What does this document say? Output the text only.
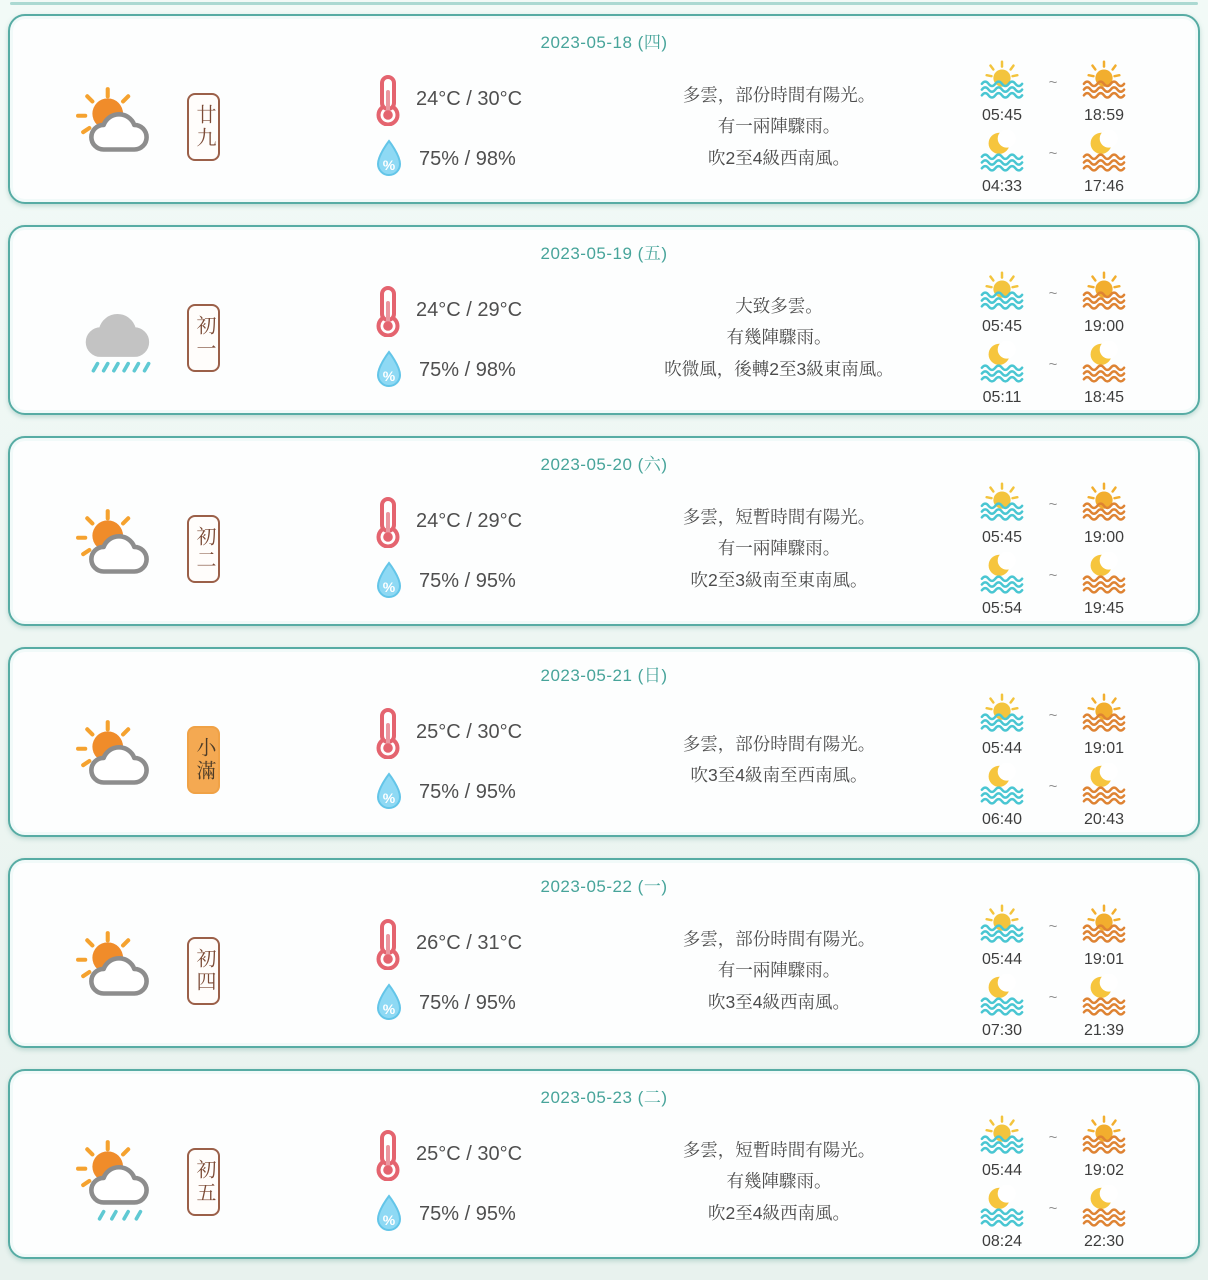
2023-05-18 (四)
廿九
24°C / 30°C
% 75% / 98%
多雲，部份時間有陽光。
有一兩陣驟雨。
吹2至4級西南風。
05:45
~
18:59
04:33
~
17:46
2023-05-19 (五)
初一
24°C / 29°C
% 75% / 98%
大致多雲。
有幾陣驟雨。
吹微風，後轉2至3級東南風。
05:45
~
19:00
05:11
~
18:45
2023-05-20 (六)
初二
24°C / 29°C
% 75% / 95%
多雲，短暫時間有陽光。
有一兩陣驟雨。
吹2至3級南至東南風。
05:45
~
19:00
05:54
~
19:45
2023-05-21 (日)
小滿
25°C / 30°C
% 75% / 95%
多雲，部份時間有陽光。
吹3至4級南至西南風。
05:44
~
19:01
06:40
~
20:43
2023-05-22 (一)
初四
26°C / 31°C
% 75% / 95%
多雲，部份時間有陽光。
有一兩陣驟雨。
吹3至4級西南風。
05:44
~
19:01
07:30
~
21:39
2023-05-23 (二)
初五
25°C / 30°C
% 75% / 95%
多雲，短暫時間有陽光。
有幾陣驟雨。
吹2至4級西南風。
05:44
~
19:02
08:24
~
22:30
